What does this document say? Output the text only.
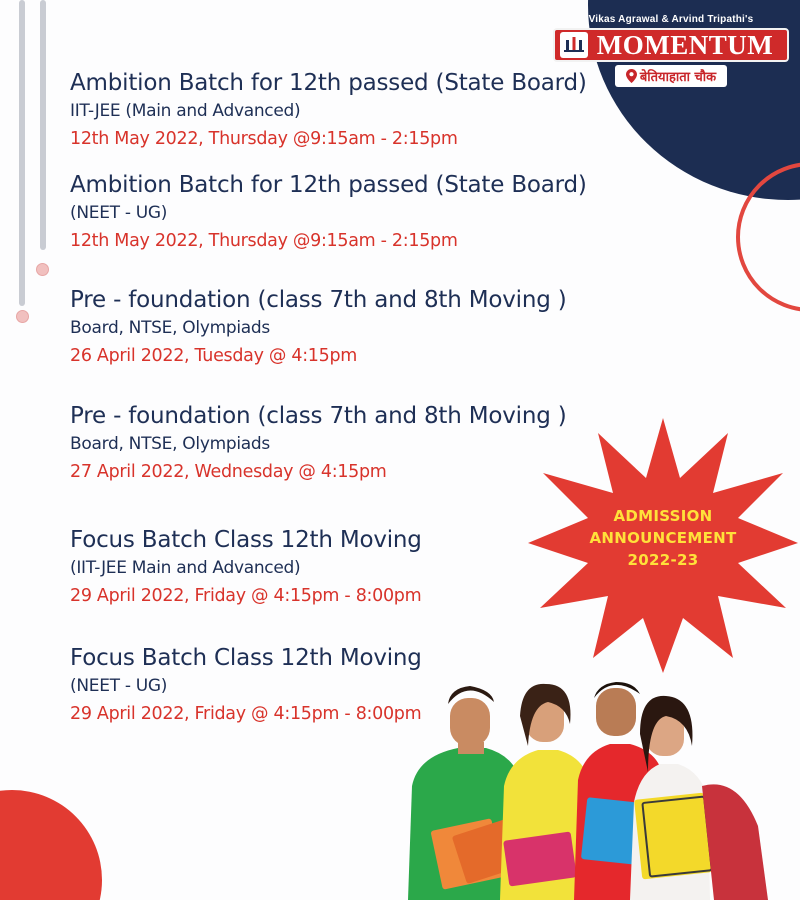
Vikas Agrawal & Arvind Tripathi's
MOMENTUM
बेतियाहाता चौक
Ambition Batch for 12th passed (State Board)
IIT-JEE (Main and Advanced)
12th May 2022, Thursday @9:15am - 2:15pm
Ambition Batch for 12th passed (State Board)
(NEET - UG)
12th May 2022, Thursday @9:15am - 2:15pm
Pre - foundation (class 7th and 8th Moving )
Board, NTSE, Olympiads
26 April 2022, Tuesday @ 4:15pm
Pre - foundation (class 7th and 8th Moving )
Board, NTSE, Olympiads
27 April 2022, Wednesday @ 4:15pm
Focus Batch Class 12th Moving
(IIT-JEE Main and Advanced)
29 April 2022, Friday @ 4:15pm - 8:00pm
Focus Batch Class 12th Moving
(NEET - UG)
29 April 2022, Friday @ 4:15pm - 8:00pm
ADMISSION
ANNOUNCEMENT
2022-23
